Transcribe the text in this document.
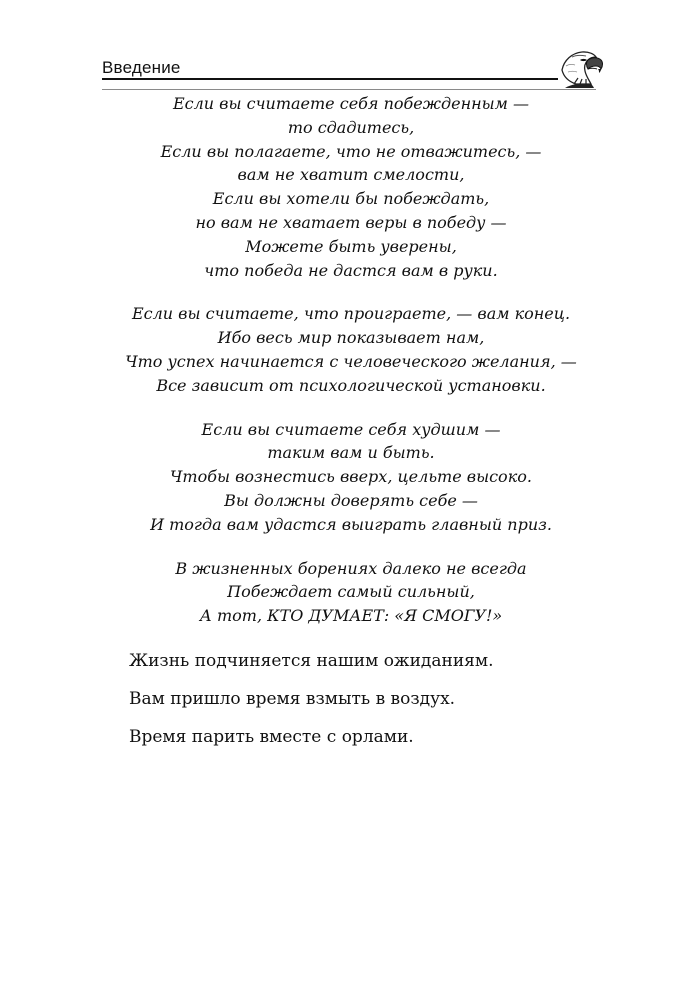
Введение
Если вы считаете себя побежденным —
то сдадитесь,
Если вы полагаете, что не отважитесь, —
вам не хватит смелости,
Если вы хотели бы побеждать,
но вам не хватает веры в победу —
Можете быть уверены,
что победа не дастся вам в руки.
Если вы считаете, что проиграете, — вам конец.
Ибо весь мир показывает нам,
Что успех начинается с человеческого желания, —
Все зависит от психологической установки.
Если вы считаете себя худшим —
таким вам и быть.
Чтобы вознестись вверх, цельте высоко.
Вы должны доверять себе —
И тогда вам удастся выиграть главный приз.
В жизненных борениях далеко не всегда
Побеждает самый сильный,
А тот, КТО ДУМАЕТ: «Я СМОГУ!»
Жизнь подчиняется нашим ожиданиям.
Вам пришло время взмыть в воздух.
Время парить вместе с орлами.
